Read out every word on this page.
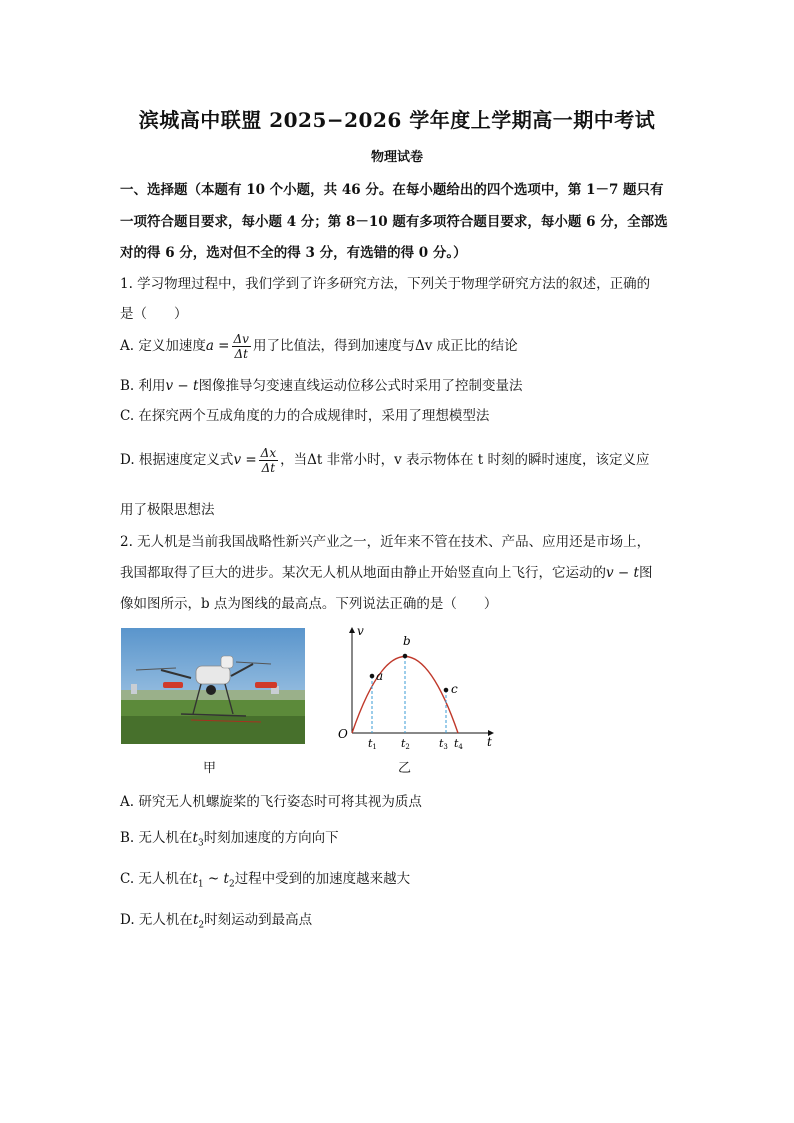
滨城高中联盟 2025−2026 学年度上学期高一期中考试
物理试卷
一、选择题（本题有 10 个小题，共 46 分。在每小题给出的四个选项中，第 1－7 题只有
一项符合题目要求，每小题 4 分；第 8－10 题有多项符合题目要求，每小题 6 分，全部选
对的得 6 分，选对但不全的得 3 分，有选错的得 0 分。）
1. 学习物理过程中，我们学到了许多研究方法，下列关于物理学研究方法的叙述，正确的
是（　　）
A. 定义加速度$a = \frac{\Delta v}{\Delta t}$ 用了比值法，得到加速度与Δv 成正比的结论
B. 利用v − t图像推导匀变速直线运动位移公式时采用了控制变量法
C. 在探究两个互成角度的力的合成规律时，采用了理想模型法
D. 根据速度定义式$v = \frac{\Delta x}{\Delta t}$ ，当Δt 非常小时，v 表示物体在 t 时刻的瞬时速度，该定义应
用了极限思想法
2. 无人机是当前我国战略性新兴产业之一，近年来不管在技术、产品、应用还是市场上，
我国都取得了巨大的进步。某次无人机从地面由静止开始竖直向上飞行，它运动的v − t图
像如图所示，b 点为图线的最高点。下列说法正确的是（　　）
v
t
O
a
b
c
t1 t2	t3 t4
甲	乙
A. 研究无人机螺旋桨的飞行姿态时可将其视为质点
B. 无人机在$t_3$时刻加速度的方向向下
C. 无人机在$t_1$ ~ $t_2$过程中受到的加速度越来越大
D. 无人机在$t_2$时刻运动到最高点
